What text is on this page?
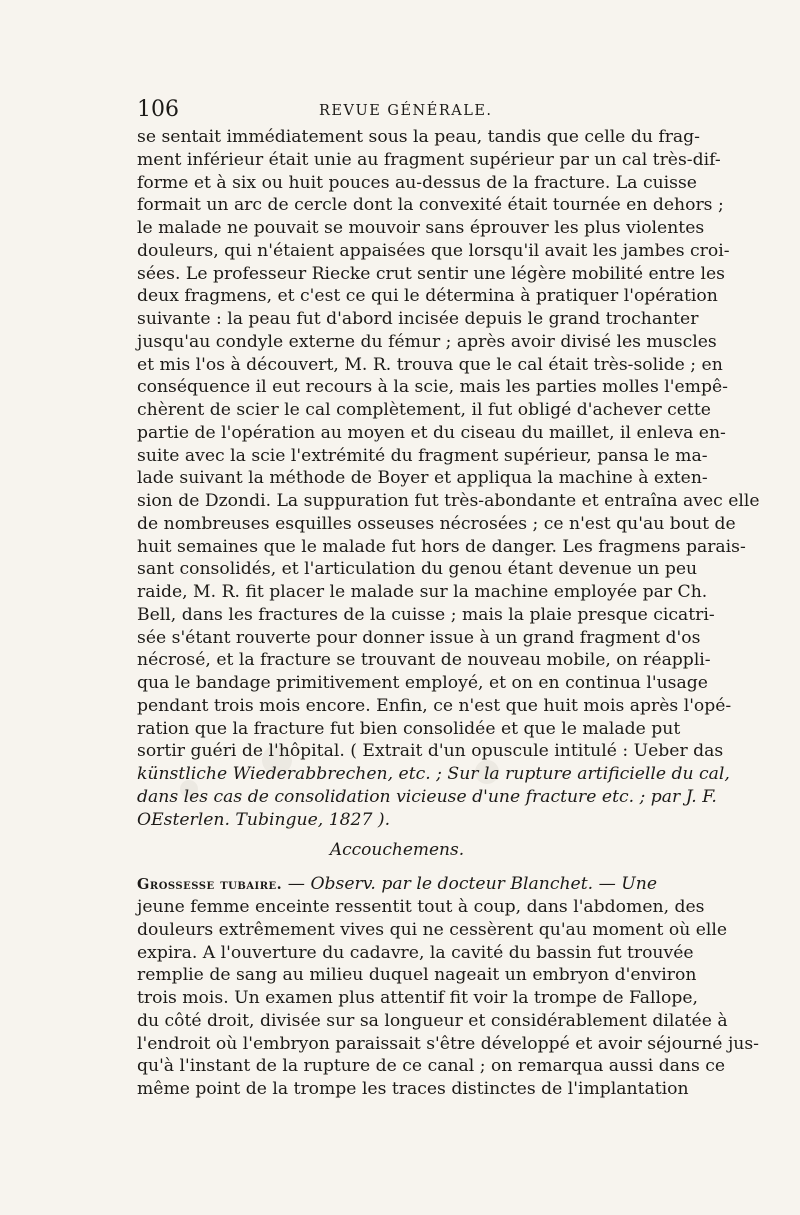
106	REVUE GÉNÉRALE.
se sentait immédiatement sous la peau, tandis que celle du frag-
ment inférieur était unie au fragment supérieur par un cal très-dif-
forme et à six ou huit pouces au-dessus de la fracture. La cuisse
formait un arc de cercle dont la convexité était tournée en dehors ;
le malade ne pouvait se mouvoir sans éprouver les plus violentes
douleurs, qui n'étaient appaisées que lorsqu'il avait les jambes croi-
sées. Le professeur Riecke crut sentir une légère mobilité entre les
deux fragmens, et c'est ce qui le détermina à pratiquer l'opération
suivante : la peau fut d'abord incisée depuis le grand trochanter
jusqu'au condyle externe du fémur ; après avoir divisé les muscles
et mis l'os à découvert, M. R. trouva que le cal était très-solide ; en
conséquence il eut recours à la scie, mais les parties molles l'empê-
chèrent de scier le cal complètement, il fut obligé d'achever cette
partie de l'opération au moyen et du ciseau du maillet, il enleva en-
suite avec la scie l'extrémité du fragment supérieur, pansa le ma-
lade suivant la méthode de Boyer et appliqua la machine à exten-
sion de Dzondi. La suppuration fut très-abondante et entraîna avec elle
de nombreuses esquilles osseuses nécrosées ; ce n'est qu'au bout de
huit semaines que le malade fut hors de danger. Les fragmens parais-
sant consolidés, et l'articulation du genou étant devenue un peu
raide, M. R. fit placer le malade sur la machine employée par Ch.
Bell, dans les fractures de la cuisse ; mais la plaie presque cicatri-
sée s'étant rouverte pour donner issue à un grand fragment d'os
nécrosé, et la fracture se trouvant de nouveau mobile, on réappli-
qua le bandage primitivement employé, et on en continua l'usage
pendant trois mois encore. Enfin, ce n'est que huit mois après l'opé-
ration que la fracture fut bien consolidée et que le malade put
sortir guéri de l'hôpital. ( Extrait d'un opuscule intitulé : Ueber das
künstliche Wiederabbrechen, etc. ; Sur la rupture artificielle du cal,
dans les cas de consolidation vicieuse d'une fracture etc. ; par J. F.
OEsterlen. Tubingue, 1827 ).
Accouchemens.
Grossesse tubaire. — Observ. par le docteur Blanchet. — Une
jeune femme enceinte ressentit tout à coup, dans l'abdomen, des
douleurs extrêmement vives qui ne cessèrent qu'au moment où elle
expira. A l'ouverture du cadavre, la cavité du bassin fut trouvée
remplie de sang au milieu duquel nageait un embryon d'environ
trois mois. Un examen plus attentif fit voir la trompe de Fallope,
du côté droit, divisée sur sa longueur et considérablement dilatée à
l'endroit où l'embryon paraissait s'être développé et avoir séjourné jus-
qu'à l'instant de la rupture de ce canal ; on remarqua aussi dans ce
même point de la trompe les traces distinctes de l'implantation
